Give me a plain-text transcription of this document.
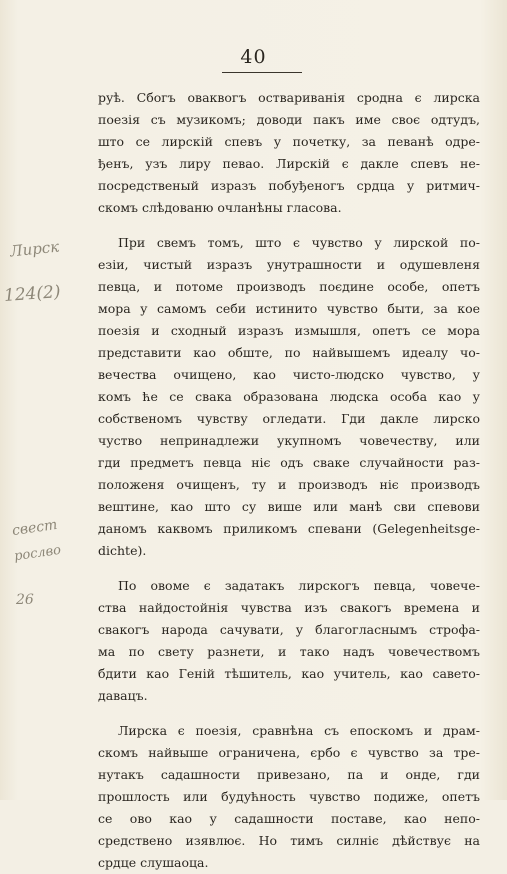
40
Лирск
124(2)
свест
рослво
26
руѣ. Сбогъ оваквогъ оствариванія сродна є лирска
поезія съ музикомъ; доводи пакъ име своє одтудъ,
што се лирскій спевъ у почетку, за певанѣ одре-
ђенъ, узъ лиру певао. Лирскій є дакле спевъ не-
посредственый изразъ побуђеногъ срдца у ритмич-
скомъ слѣдованю очланѣны гласова.
При свемъ томъ, што є чувство у лирской по-
езіи, чистый изразъ унутрашности и одушевленя
певца, и потоме производъ поєдине особе, опетъ
мора у самомъ себи истинито чувство быти, за кое
поезія и сходный изразъ измышля, опетъ се мора
представити као обште, по найвышемъ идеалу чо-
вечества очищено, као чисто-людско чувство, у
комъ ће се свака образована людска особа као у
собственомъ чувству огледати. Гди дакле лирско
чуство непринадлежи укупномъ човечеству, или
гди предметъ певца ніє одъ сваке случайности раз-
положеня очищенъ, ту и производъ ніє производъ
вештине, као што су више или манѣ сви спевови
даномъ каквомъ приликомъ спевани (Gelegenheitsge-
dichte).
По овоме є задатакъ лирскогъ певца, човече-
ства найдостойнія чувства изъ свакогъ времена и
свакогъ народа сачувати, у благогласнымъ строфа-
ма по свету разнети, и тако надъ човечествомъ
бдити као Геній тѣшитель, као учитель, као савето-
давацъ.
Лирска є поезія, сравнѣна съ епоскомъ и драм-
скомъ найвыше ограничена, єрбо є чувство за тре-
нутакъ садашности привезано, па и онде, гди
прошлость или будућность чувство подиже, опетъ
се ово као у садашности поставе, као непо-
средствено изявлює. Но тимъ силніє дѣйствує на
срдце слушаоца.
